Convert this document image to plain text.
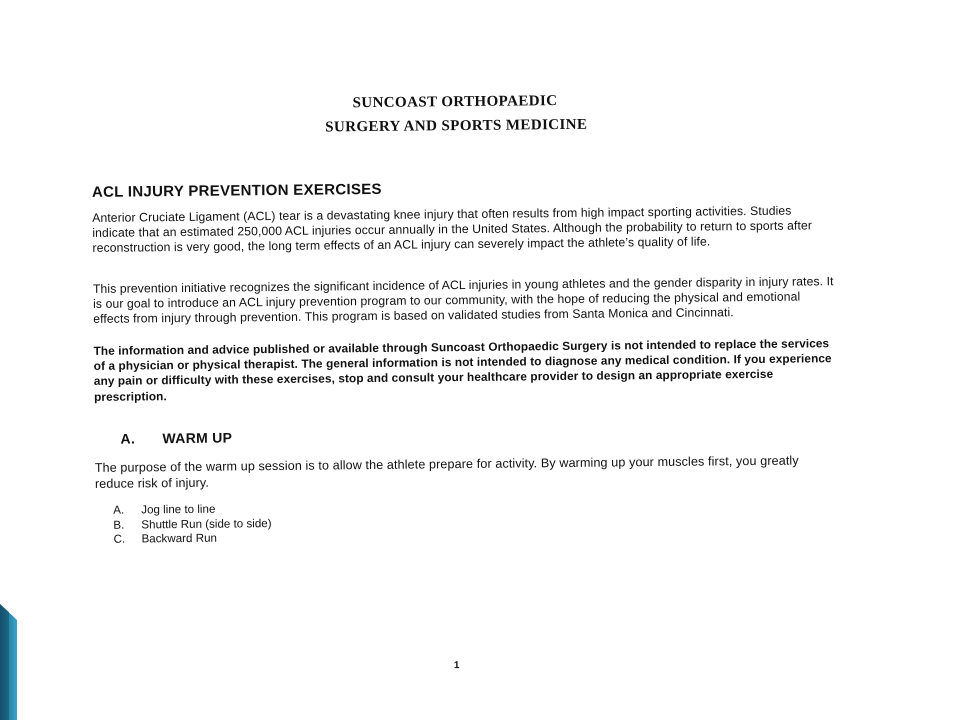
SUNCOAST ORTHOPAEDIC
SURGERY AND SPORTS MEDICINE
ACL INJURY PREVENTION EXERCISES
Anterior Cruciate Ligament (ACL) tear is a devastating knee injury that often results from high impact sporting activities. Studies indicate that an estimated 250,000 ACL injuries occur annually in the United States. Although the probability to return to sports after reconstruction is very good, the long term effects of an ACL injury can severely impact the athlete’s quality of life.
This prevention initiative recognizes the significant incidence of ACL injuries in young athletes and the gender disparity in injury rates. It is our goal to introduce an ACL injury prevention program to our community, with the hope of reducing the physical and emotional effects from injury through prevention. This program is based on validated studies from Santa Monica and Cincinnati.
The information and advice published or available through Suncoast Orthopaedic Surgery is not intended to replace the services of a physician or physical therapist. The general information is not intended to diagnose any medical condition. If you experience any pain or difficulty with these exercises, stop and consult your healthcare provider to design an appropriate exercise prescription.
A. WARM UP
The purpose of the warm up session is to allow the athlete prepare for activity. By warming up your muscles first, you greatly reduce risk of injury.
A. Jog line to line
B. Shuttle Run (side to side)
C. Backward Run
1
